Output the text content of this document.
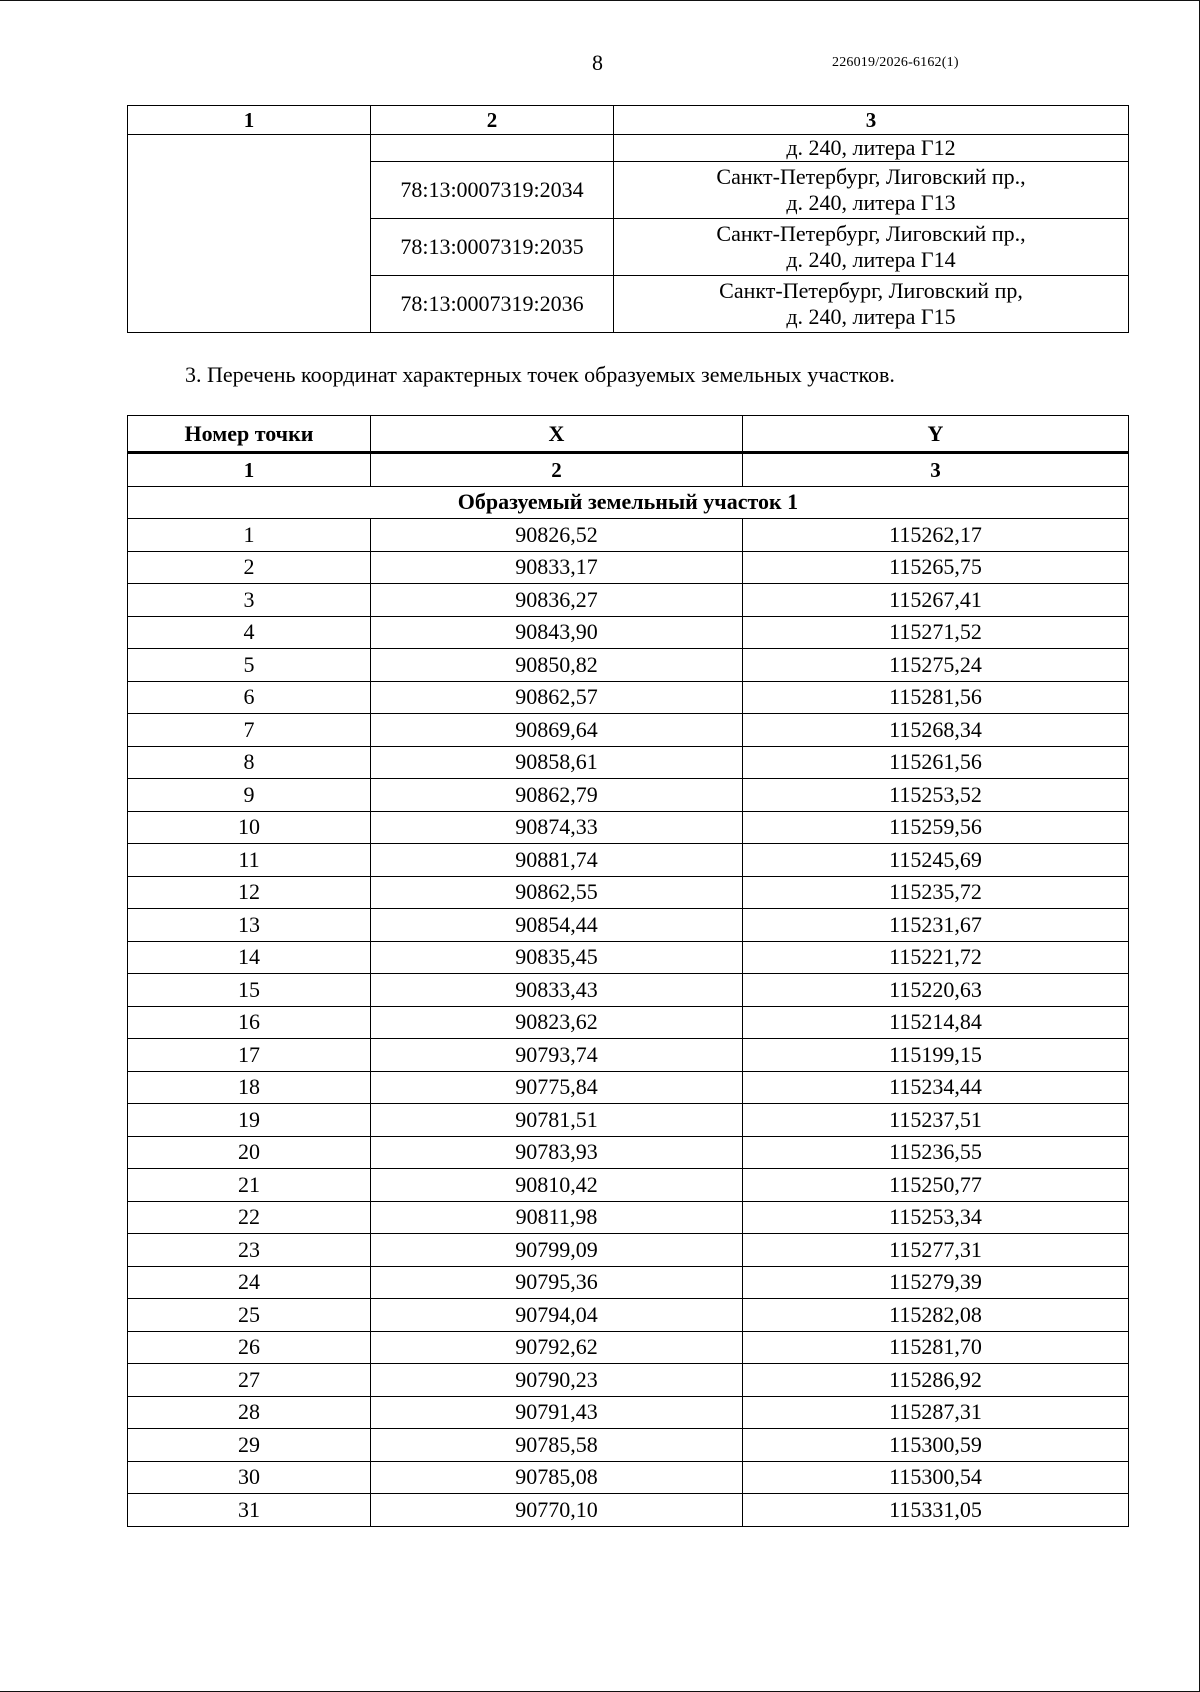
8	226019/2026-6162(1)
1	2	3
		д. 240, литера Г12
	78:13:0007319:2034	Санкт-Петербург, Лиговский пр.,
д. 240, литера Г13

	78:13:0007319:2035	Санкт-Петербург, Лиговский пр.,
д. 240, литера Г14

	78:13:0007319:2036	Санкт-Петербург, Лиговский пр,
д. 240, литера Г15
3. Перечень координат характерных точек образуемых земельных участков.
Номер точки	X	Y
1	2	3
Образуемый земельный участок 1		
1	90826,52	115262,17
2	90833,17	115265,75
3	90836,27	115267,41
4	90843,90	115271,52
5	90850,82	115275,24
6	90862,57	115281,56
7	90869,64	115268,34
8	90858,61	115261,56
9	90862,79	115253,52
10	90874,33	115259,56
11	90881,74	115245,69
12	90862,55	115235,72
13	90854,44	115231,67
14	90835,45	115221,72
15	90833,43	115220,63
16	90823,62	115214,84
17	90793,74	115199,15
18	90775,84	115234,44
19	90781,51	115237,51
20	90783,93	115236,55
21	90810,42	115250,77
22	90811,98	115253,34
23	90799,09	115277,31
24	90795,36	115279,39
25	90794,04	115282,08
26	90792,62	115281,70
27	90790,23	115286,92
28	90791,43	115287,31
29	90785,58	115300,59
30	90785,08	115300,54
31	90770,10	115331,05
